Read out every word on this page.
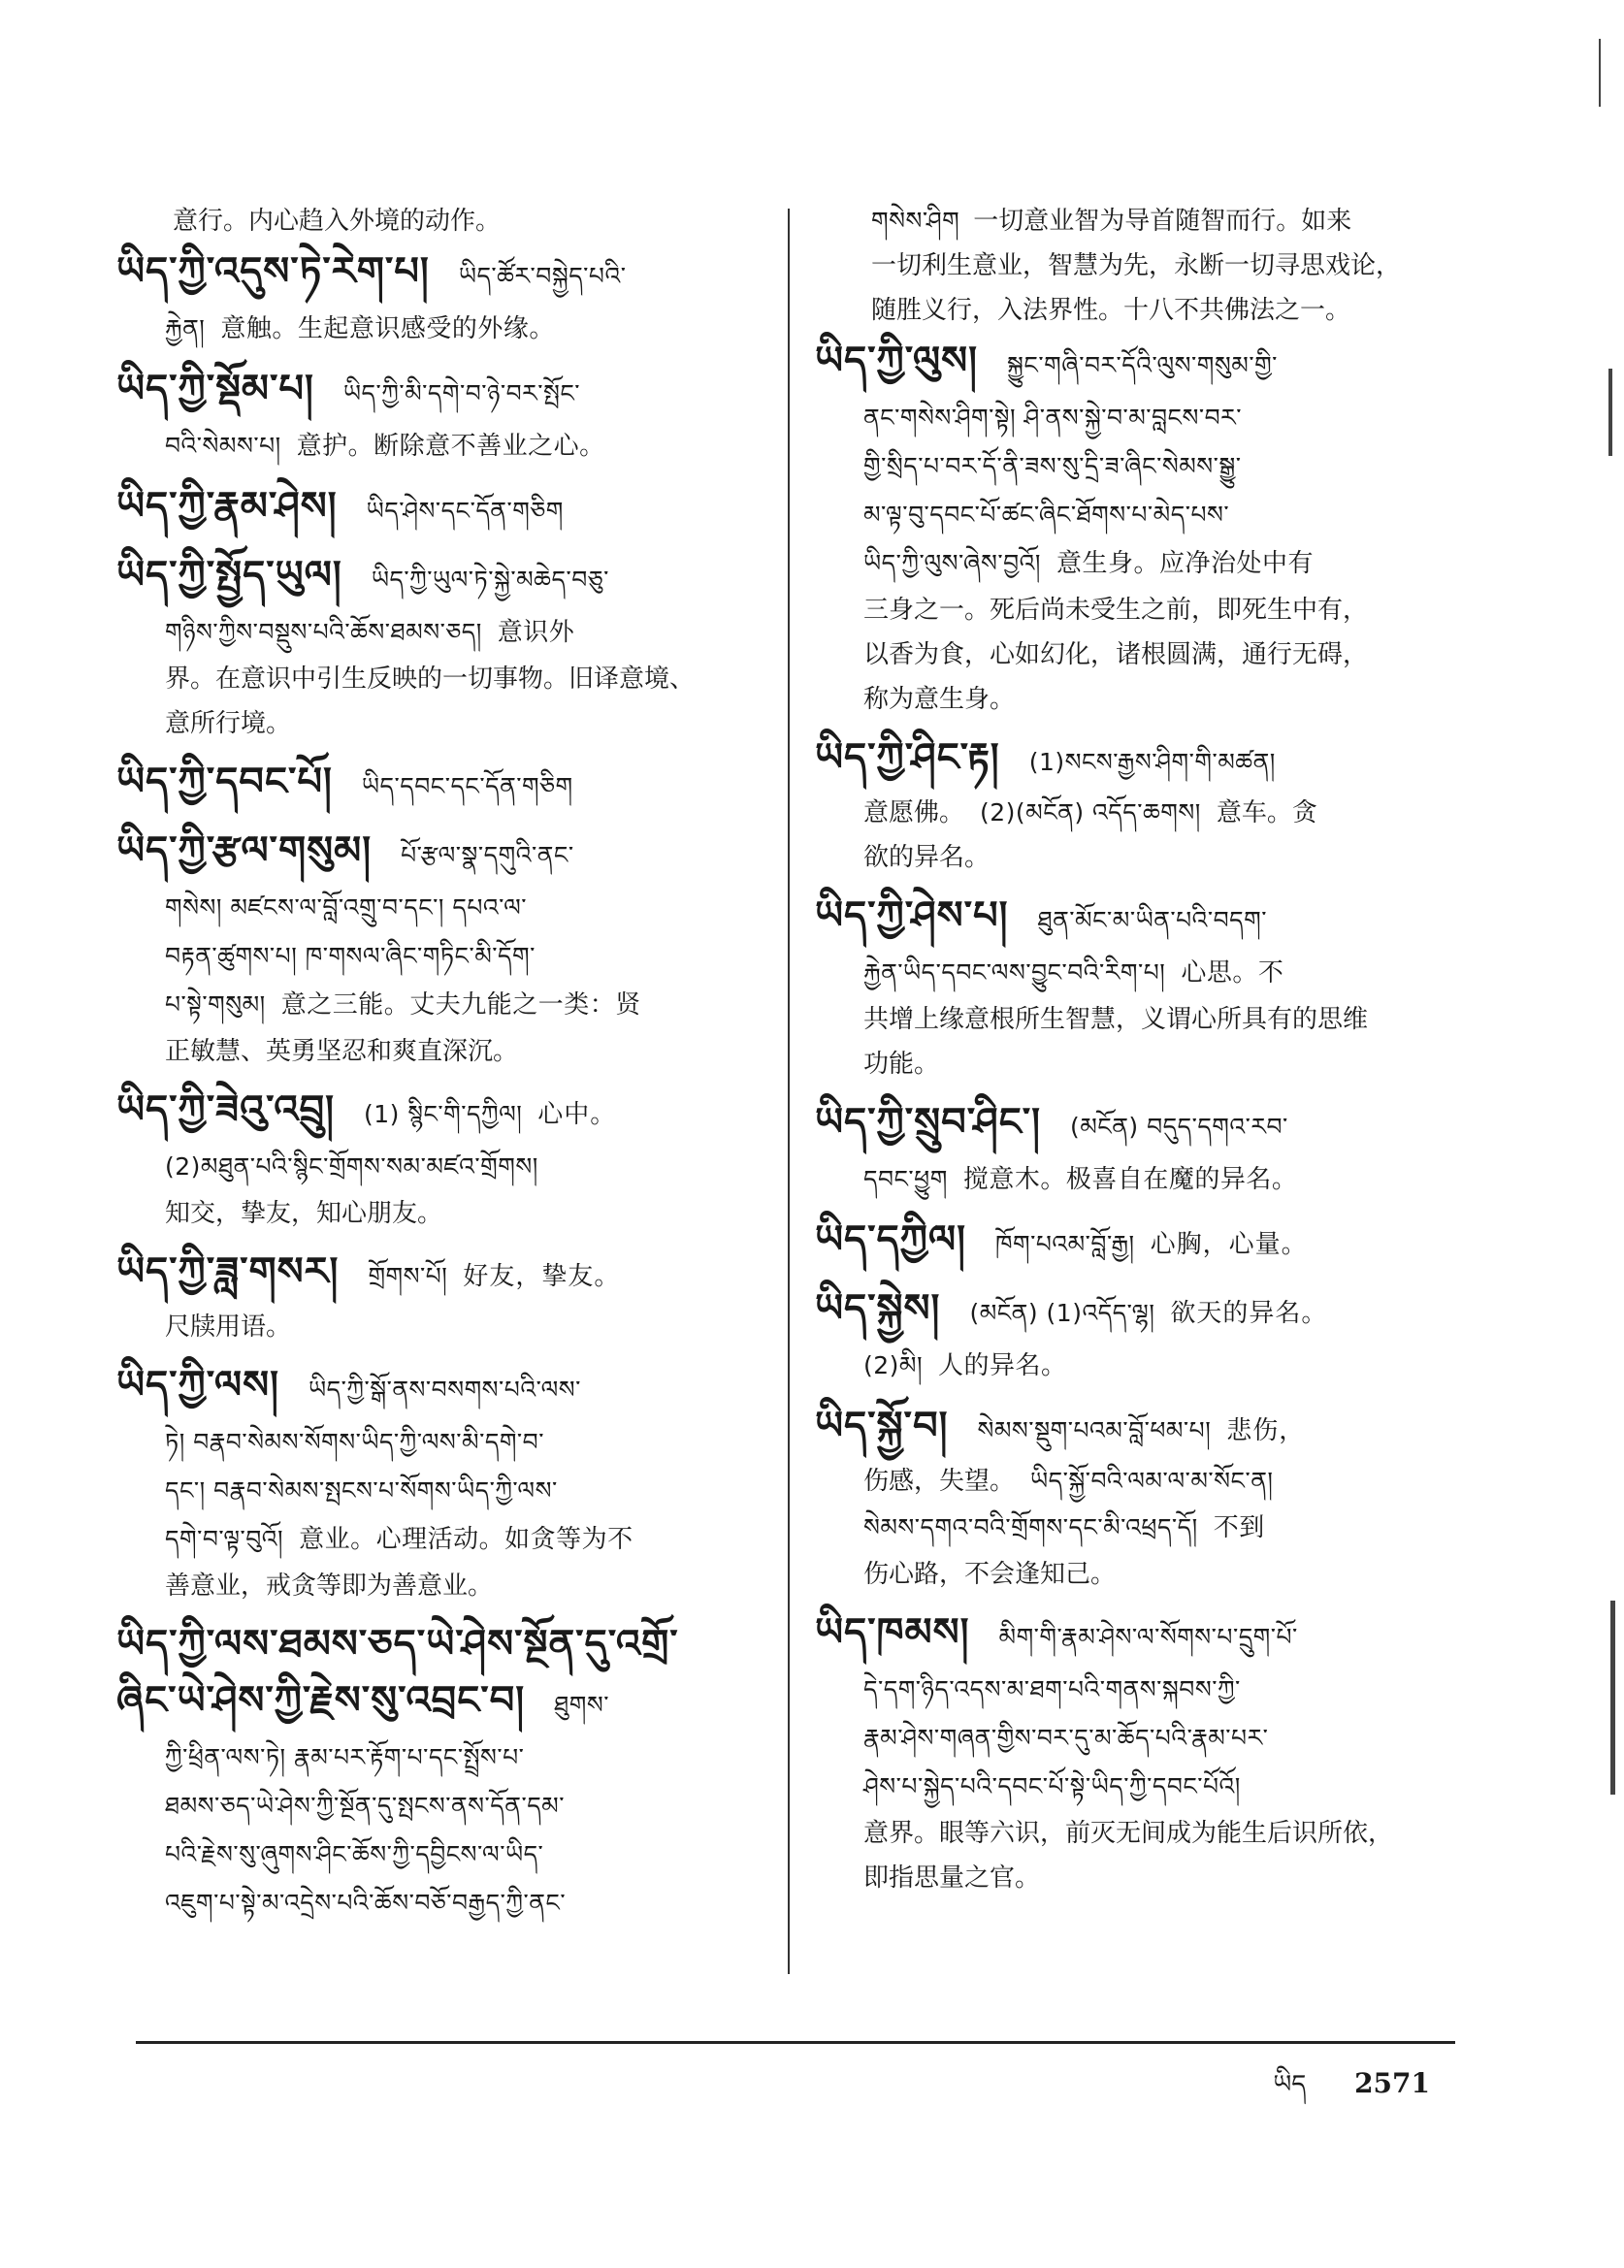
意行。内心趋入外境的动作。
ཡིད་ཀྱི་འདུས་ཏེ་རེག་པ། ཡིད་ཚོར་བསྐྱེད་པའི་
རྐྱེན། 意触。生起意识感受的外缘。
ཡིད་ཀྱི་སྡོམ་པ། ཡིད་ཀྱི་མི་དགེ་བ་ཉེ་བར་སྤོང་
བའི་སེམས་པ། 意护。断除意不善业之心。
ཡིད་ཀྱི་རྣམ་ཤེས། ཡིད་ཤེས་དང་དོན་གཅིག
ཡིད་ཀྱི་སྤྱོད་ཡུལ། ཡིད་ཀྱི་ཡུལ་ཏེ་སྐྱེ་མཆེད་བཅུ་
གཉིས་ཀྱིས་བསྡུས་པའི་ཆོས་ཐམས་ཅད། 意识外
界。在意识中引生反映的一切事物。旧译意境、
意所行境。
ཡིད་ཀྱི་དབང་པོ། ཡིད་དབང་དང་དོན་གཅིག
ཡིད་ཀྱི་རྩལ་གསུམ། པོ་རྩལ་སྣ་དགུའི་ནང་
གསེས། མཛངས་ལ་བློ་འགྲུ་བ་དང་། དཔའ་ལ་
བརྟན་ཚུགས་པ། ཁ་གསལ་ཞིང་གཏིང་མི་དོག་
པ་སྟེ་གསུམ། 意之三能。丈夫九能之一类：贤
正敏慧、英勇坚忍和爽直深沉。
ཡིད་ཀྱི་ཟེའུ་འབྲུ། (1) སྙིང་གི་དཀྱིལ། 心中。
(2)མཐུན་པའི་སྙིང་གྲོགས་སམ་མཛའ་གྲོགས།
知交，挚友，知心朋友。
ཡིད་ཀྱི་ཟླ་གསར། གྲོགས་པོ། 好友，挚友。
尺牍用语。
ཡིད་ཀྱི་ལས། ཡིད་ཀྱི་སྒོ་ནས་བསགས་པའི་ལས་
ཏེ། བརྣབ་སེམས་སོགས་ཡིད་ཀྱི་ལས་མི་དགེ་བ་
དང་། བརྣབ་སེམས་སྤངས་པ་སོགས་ཡིད་ཀྱི་ལས་
དགེ་བ་ལྟ་བུའོ། 意业。心理活动。如贪等为不
善意业，戒贪等即为善意业。
ཡིད་ཀྱི་ལས་ཐམས་ཅད་ཡེ་ཤེས་སྔོན་དུ་འགྲོ་
ཞིང་ཡེ་ཤེས་ཀྱི་རྗེས་སུ་འབྲང་བ། ཐུགས་
ཀྱི་ཕྲིན་ལས་ཏེ། རྣམ་པར་རྟོག་པ་དང་སྤྲོས་པ་
ཐམས་ཅད་ཡེ་ཤེས་ཀྱི་སྔོན་དུ་སྤངས་ནས་དོན་དམ་
པའི་རྗེས་སུ་ཞུགས་ཤིང་ཆོས་ཀྱི་དབྱིངས་ལ་ཡིད་
འཇུག་པ་སྟེ་མ་འདྲེས་པའི་ཆོས་བཅོ་བརྒྱད་ཀྱི་ནང་
གསེས་ཤིག 一切意业智为导首随智而行。如来
一切利生意业，智慧为先，永断一切寻思戏论，
随胜义行，入法界性。十八不共佛法之一。
ཡིད་ཀྱི་ལུས། སྐྱུང་གཞི་བར་དོའི་ལུས་གསུམ་གྱི་
ནང་གསེས་ཤིག་སྟེ། ཤི་ནས་སྐྱེ་བ་མ་བླངས་བར་
གྱི་སྲིད་པ་བར་དོ་ནི་ཟས་སུ་དྲི་ཟ་ཞིང་སེམས་སྒྱུ་
མ་ལྟ་བུ་དབང་པོ་ཚང་ཞིང་ཐོགས་པ་མེད་པས་
ཡིད་ཀྱི་ལུས་ཞེས་བྱའོ། 意生身。应净治处中有
三身之一。死后尚未受生之前，即死生中有，
以香为食，心如幻化，诸根圆满，通行无碍，
称为意生身。
ཡིད་ཀྱི་ཤིང་རྟ། (1)སངས་རྒྱས་ཤིག་གི་མཚན།
意愿佛。 (2)(མངོན) འདོད་ཆགས། 意车。贪
欲的异名。
ཡིད་ཀྱི་ཤེས་པ། ཐུན་མོང་མ་ཡིན་པའི་བདག་
རྐྱེན་ཡིད་དབང་ལས་བྱུང་བའི་རིག་པ། 心思。不
共增上缘意根所生智慧，义谓心所具有的思维
功能。
ཡིད་ཀྱི་སྲུབ་ཤིང་། (མངོན) བདུད་དགའ་རབ་
དབང་ཕྱུག 搅意木。极喜自在魔的异名。
ཡིད་དཀྱིལ། ཁོག་པའམ་བློ་རྒྱ། 心胸，心量。
ཡིད་སྐྱེས། (མངོན) (1)འདོད་ལྷ། 欲天的异名。
(2)མི། 人的异名。
ཡིད་སྐྱོ་བ། སེམས་སྡུག་པའམ་བློ་ཕམ་པ། 悲伤，
伤感，失望。 ཡིད་སྐྱོ་བའི་ལམ་ལ་མ་སོང་ན།
སེམས་དགའ་བའི་གྲོགས་དང་མི་འཕྲད་དོ། 不到
伤心路，不会逢知己。
ཡིད་ཁམས། མིག་གི་རྣམ་ཤེས་ལ་སོགས་པ་དྲུག་པོ་
དེ་དག་ཉིད་འདས་མ་ཐག་པའི་གནས་སྐབས་ཀྱི་
རྣམ་ཤེས་གཞན་གྱིས་བར་དུ་མ་ཆོད་པའི་རྣམ་པར་
ཤེས་པ་སྐྱེད་པའི་དབང་པོ་སྟེ་ཡིད་ཀྱི་དབང་པོའོ།
意界。眼等六识，前灭无间成为能生后识所依，
即指思量之官。
ཡིད 2571
